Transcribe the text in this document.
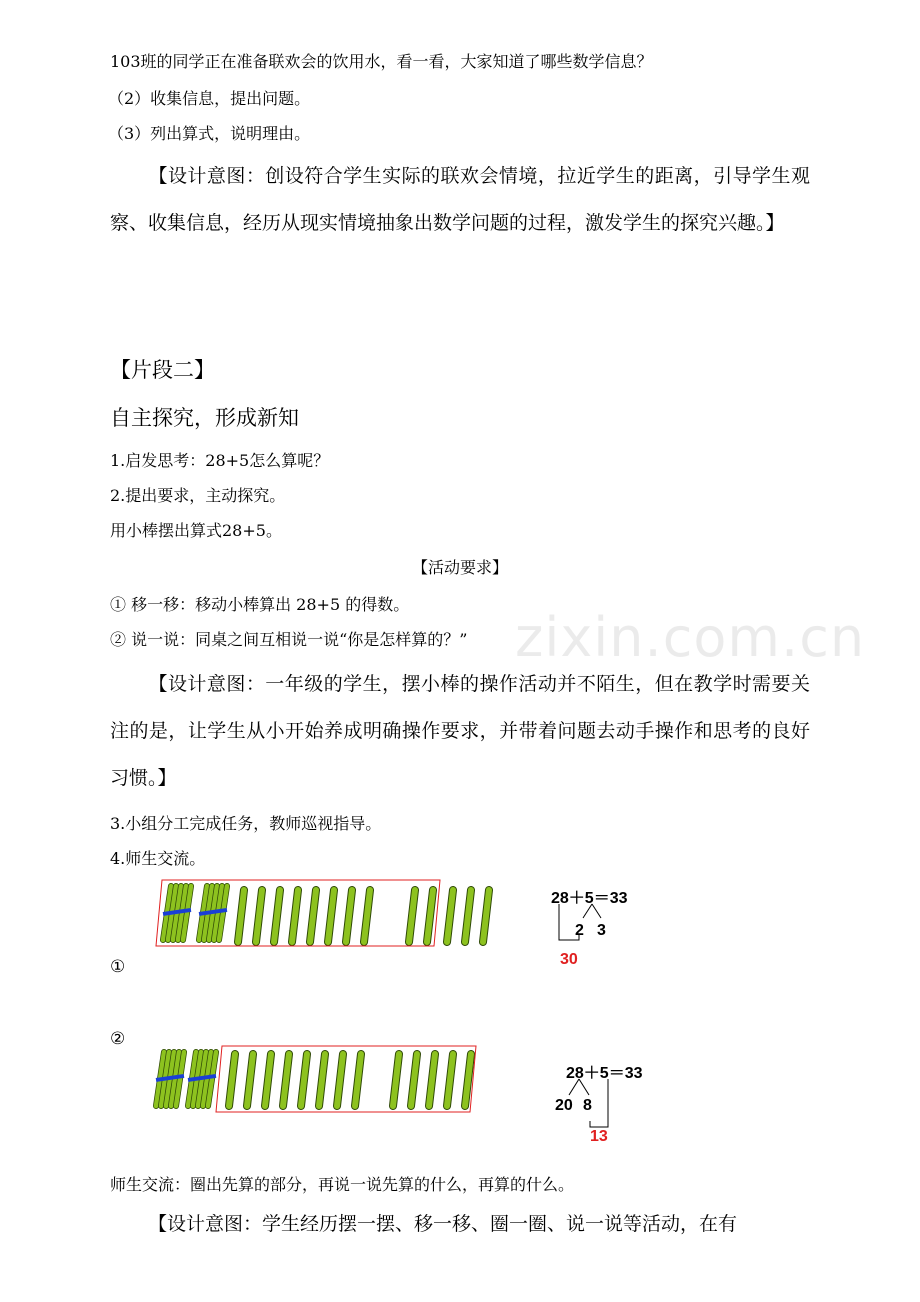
103班的同学正在准备联欢会的饮用水，看一看，大家知道了哪些数学信息？
（2）收集信息，提出问题。
（3）列出算式，说明理由。
【设计意图：创设符合学生实际的联欢会情境，拉近学生的距离，引导学生观察、收集信息，经历从现实情境抽象出数学问题的过程，激发学生的探究兴趣。】
【片段二】
自主探究，形成新知
1.启发思考：28+5怎么算呢？
2.提出要求，主动探究。
用小棒摆出算式28+5。
【活动要求】
① 移一移：移动小棒算出 28+5 的得数。
② 说一说：同桌之间互相说一说“你是怎样算的？” zixin.com.cn
【设计意图：一年级的学生，摆小棒的操作活动并不陌生，但在教学时需要关注的是，让学生从小开始养成明确操作要求，并带着问题去动手操作和思考的良好习惯。】
3.小组分工完成任务，教师巡视指导。
4.师生交流。
①
28＋5＝33
2 3
30
②
28＋5＝33
20 8
13
师生交流：圈出先算的部分，再说一说先算的什么，再算的什么。
【设计意图：学生经历摆一摆、移一移、圈一圈、说一说等活动，在有
